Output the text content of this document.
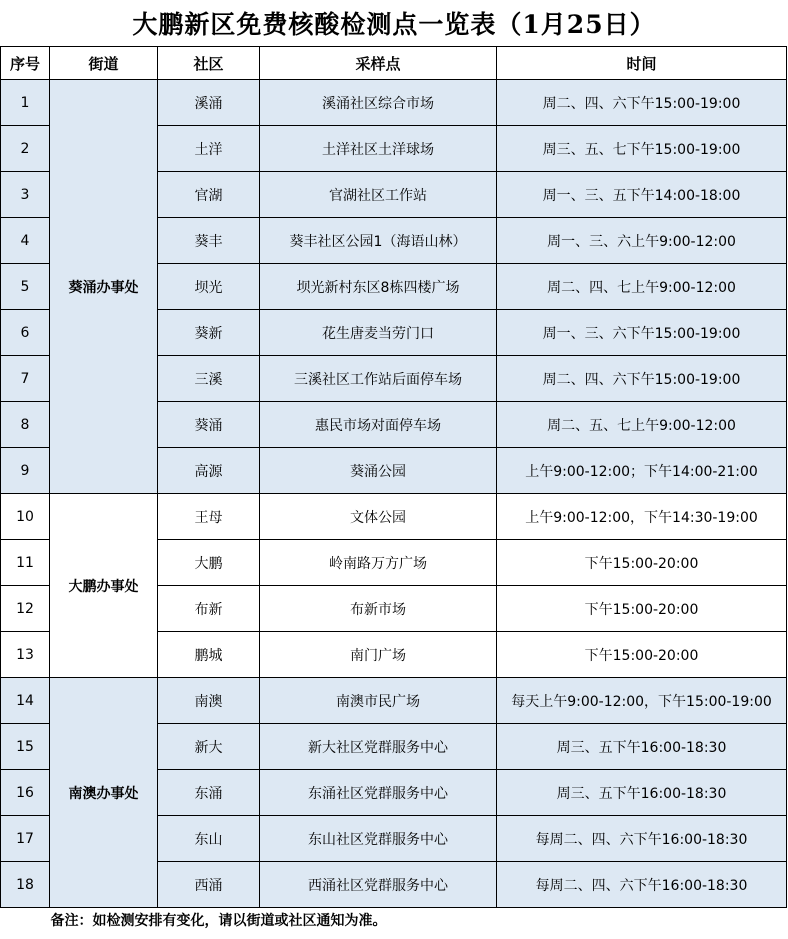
大鹏新区免费核酸检测点一览表（1月25日）
序号	街道	社区	采样点	时间
1	葵涌办事处	溪涌	溪涌社区综合市场	周二、四、六下午15:00-19:00
2		土洋	土洋社区土洋球场	周三、五、七下午15:00-19:00
3		官湖	官湖社区工作站	周一、三、五下午14:00-18:00
4		葵丰	葵丰社区公园1（海语山林）	周一、三、六上午9:00-12:00
5		坝光	坝光新村东区8栋四楼广场	周二、四、七上午9:00-12:00
6		葵新	花生唐麦当劳门口	周一、三、六下午15:00-19:00
7		三溪	三溪社区工作站后面停车场	周二、四、六下午15:00-19:00
8		葵涌	惠民市场对面停车场	周二、五、七上午9:00-12:00
9		高源	葵涌公园	上午9:00-12:00；下午14:00-21:00
10	大鹏办事处	王母	文体公园	上午9:00-12:00，下午14:30-19:00
11		大鹏	岭南路万方广场	下午15:00-20:00
12		布新	布新市场	下午15:00-20:00
13		鹏城	南门广场	下午15:00-20:00
14	南澳办事处	南澳	南澳市民广场	每天上午9:00-12:00，下午15:00-19:00
15		新大	新大社区党群服务中心	周三、五下午16:00-18:30
16		东涌	东涌社区党群服务中心	周三、五下午16:00-18:30
17		东山	东山社区党群服务中心	每周二、四、六下午16:00-18:30
18		西涌	西涌社区党群服务中心	每周二、四、六下午16:00-18:30
备注：如检测安排有变化，请以街道或社区通知为准。				
